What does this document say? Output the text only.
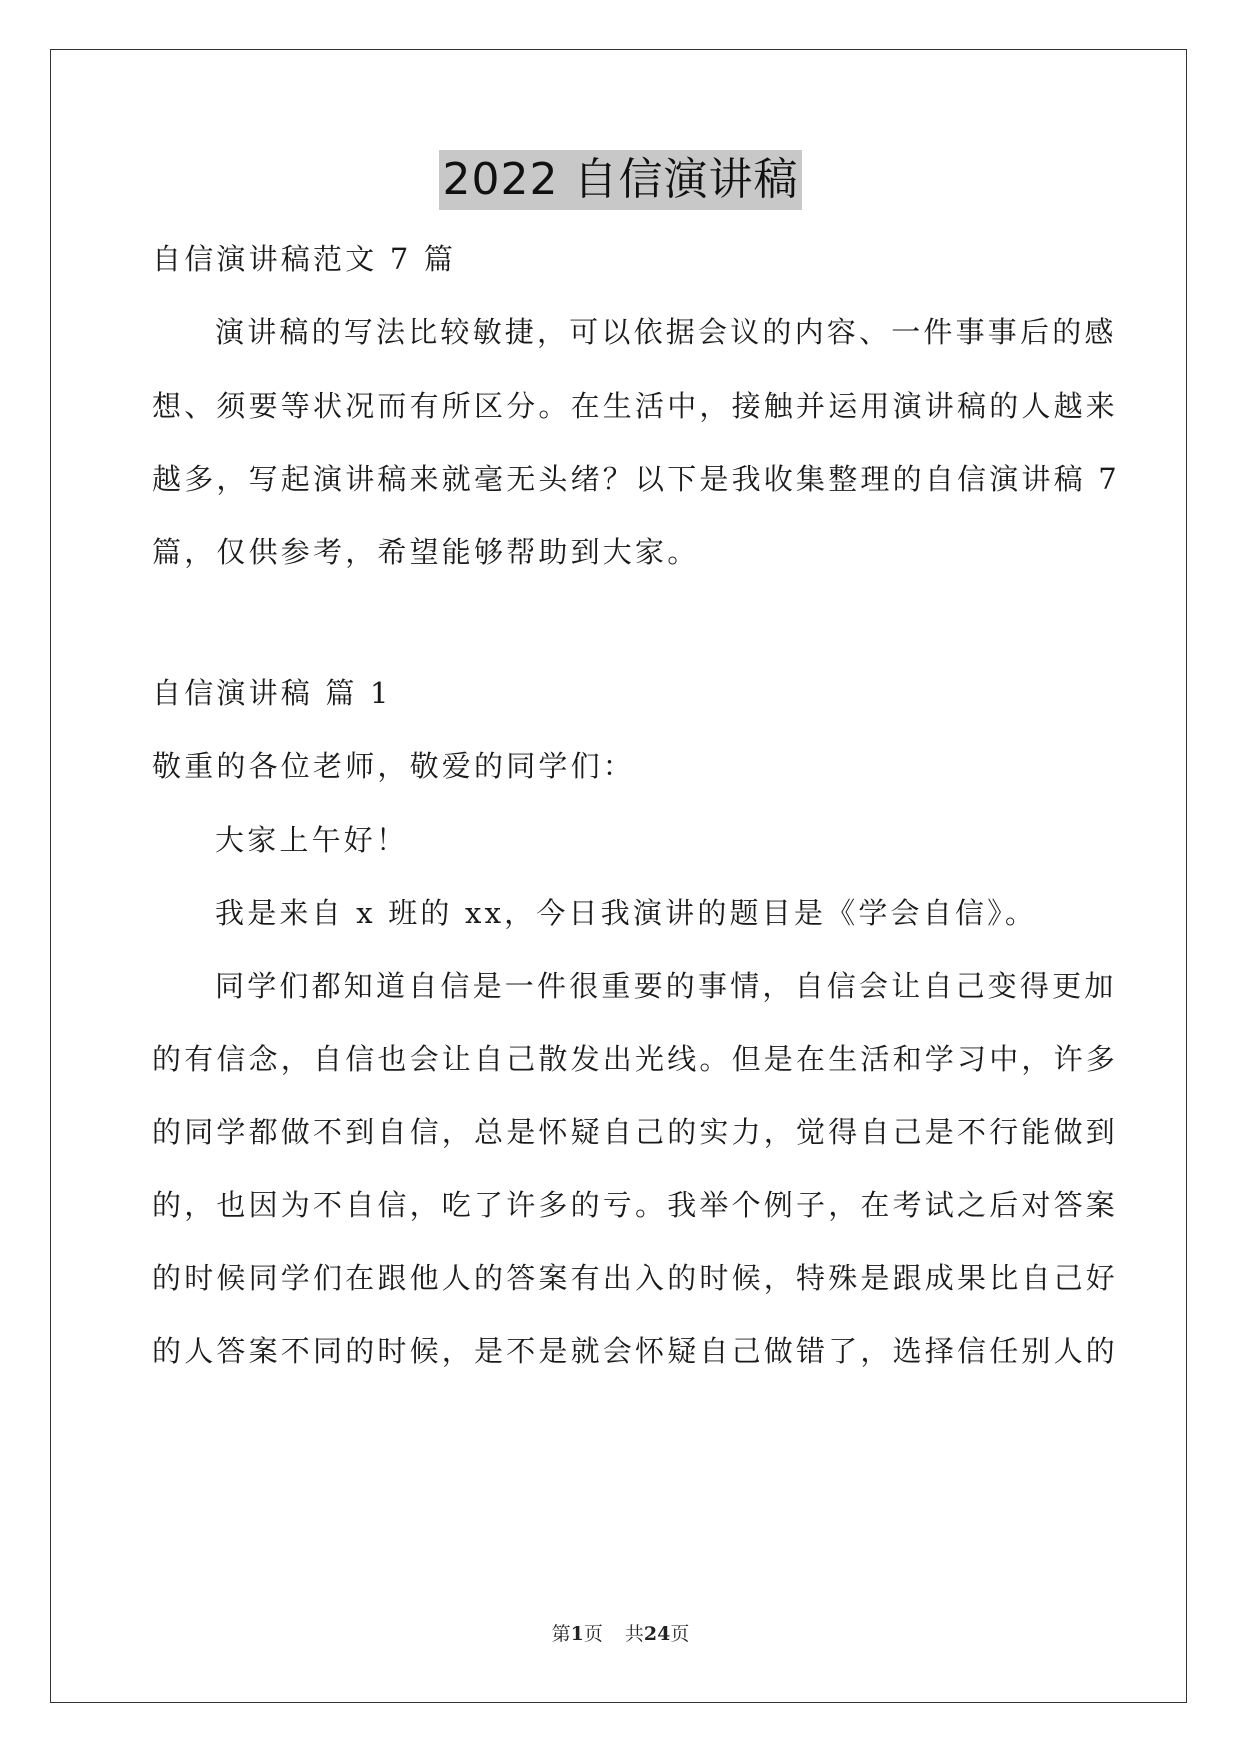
2022 自信演讲稿
自信演讲稿范文 7 篇
演讲稿的写法比较敏捷，可以依据会议的内容、一件事事后的感
想、须要等状况而有所区分。在生活中，接触并运用演讲稿的人越来
越多，写起演讲稿来就毫无头绪？以下是我收集整理的自信演讲稿 7
篇，仅供参考，希望能够帮助到大家。
自信演讲稿 篇 1
敬重的各位老师，敬爱的同学们：
大家上午好！
我是来自 x 班的 xx，今日我演讲的题目是《学会自信》。
同学们都知道自信是一件很重要的事情，自信会让自己变得更加
的有信念，自信也会让自己散发出光线。但是在生活和学习中，许多
的同学都做不到自信，总是怀疑自己的实力，觉得自己是不行能做到
的，也因为不自信，吃了许多的亏。我举个例子，在考试之后对答案
的时候同学们在跟他人的答案有出入的时候，特殊是跟成果比自己好
的人答案不同的时候，是不是就会怀疑自己做错了，选择信任别人的
第1页 共24页
